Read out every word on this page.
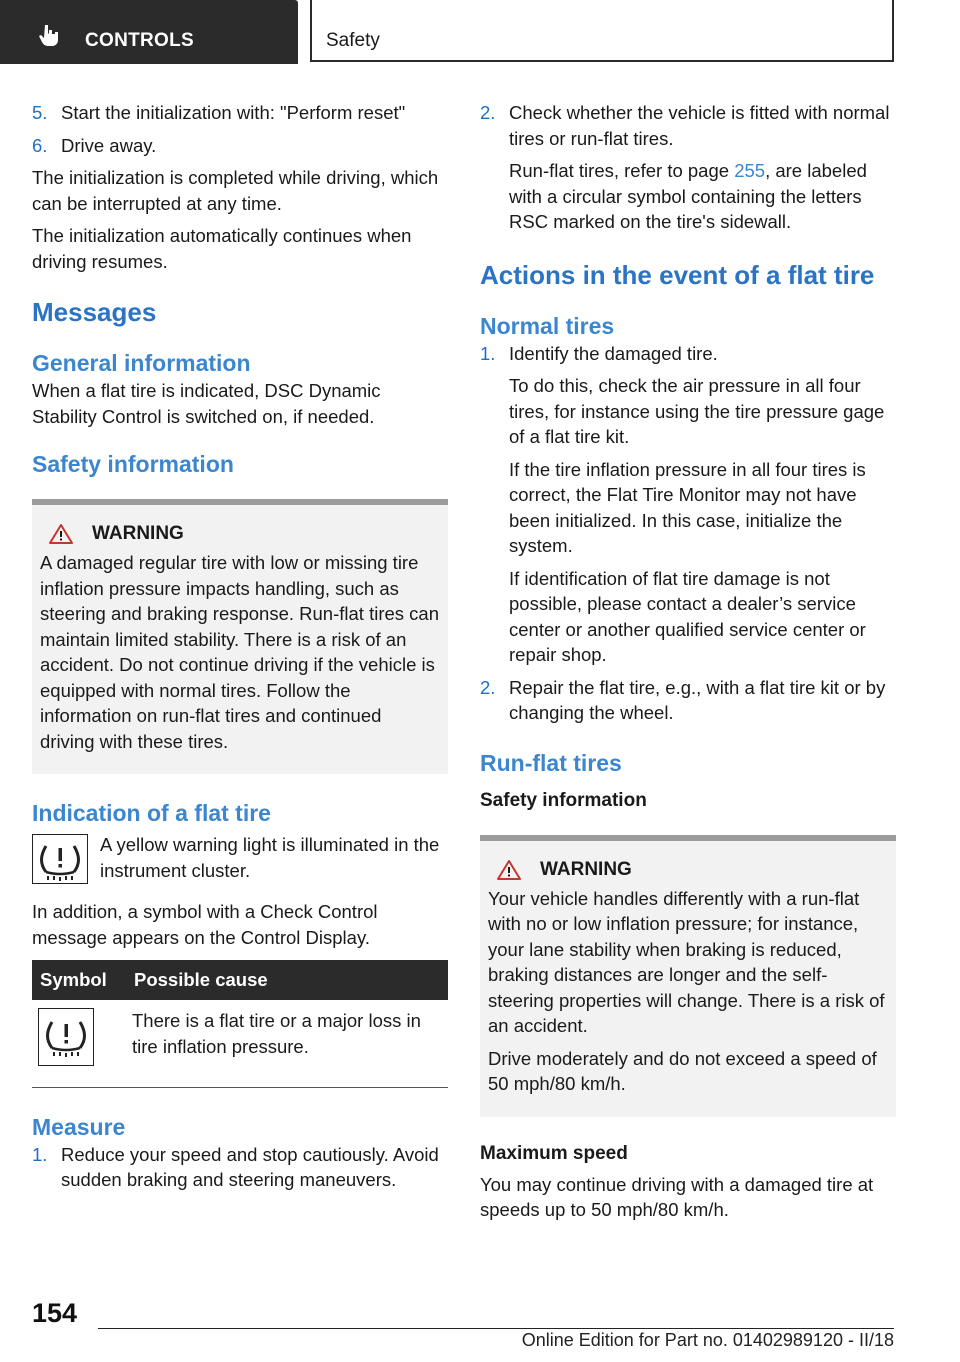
CONTROLS	Safety

5. Start the initialization with: "Perform reset"

6. Drive away.

The initialization is completed while driving, which can be interrupted at any time.

The initialization automatically continues when driving resumes.

Messages
General information

When a flat tire is indicated, DSC Dynamic Stability Control is switched on, if needed.

Safety information
WARNING

A damaged regular tire with low or missing tire inflation pressure impacts handling, such as steering and braking response. Run-flat tires can maintain limited stability. There is a risk of an accident. Do not continue driving if the vehicle is equipped with normal tires. Follow the information on run-flat tires and continued driving with these tires.

Indication of a flat tire

A yellow warning light is illuminated in the instrument cluster.

In addition, a symbol with a Check Control message appears on the Control Display.

Symbol	Possible cause
	There is a flat tire or a major loss in tire inflation pressure.
Measure

1. Reduce your speed and stop cautiously. Avoid sudden braking and steering maneuvers.

2. Check whether the vehicle is fitted with normal tires or run-flat tires.

Run-flat tires, refer to page 255, are labeled with a circular symbol containing the letters RSC marked on the tire's sidewall.

Actions in the event of a flat tire
Normal tires

1. Identify the damaged tire.

To do this, check the air pressure in all four tires, for instance using the tire pressure gage of a flat tire kit.

If the tire inflation pressure in all four tires is correct, the Flat Tire Monitor may not have been initialized. In this case, initialize the system.

If identification of flat tire damage is not possible, please contact a dealer’s service center or another qualified service center or repair shop.

2. Repair the flat tire, e.g., with a flat tire kit or by changing the wheel.

Run-flat tires
Safety information
WARNING

Your vehicle handles differently with a run-flat with no or low inflation pressure; for instance, your lane stability when braking is reduced, braking distances are longer and the self-steering properties will change. There is a risk of an accident.

Drive moderately and do not exceed a speed of 50 mph/80 km/h.

Maximum speed

You may continue driving with a damaged tire at speeds up to 50 mph/80 km/h.

154
Online Edition for Part no. 01402989120 - II/18
